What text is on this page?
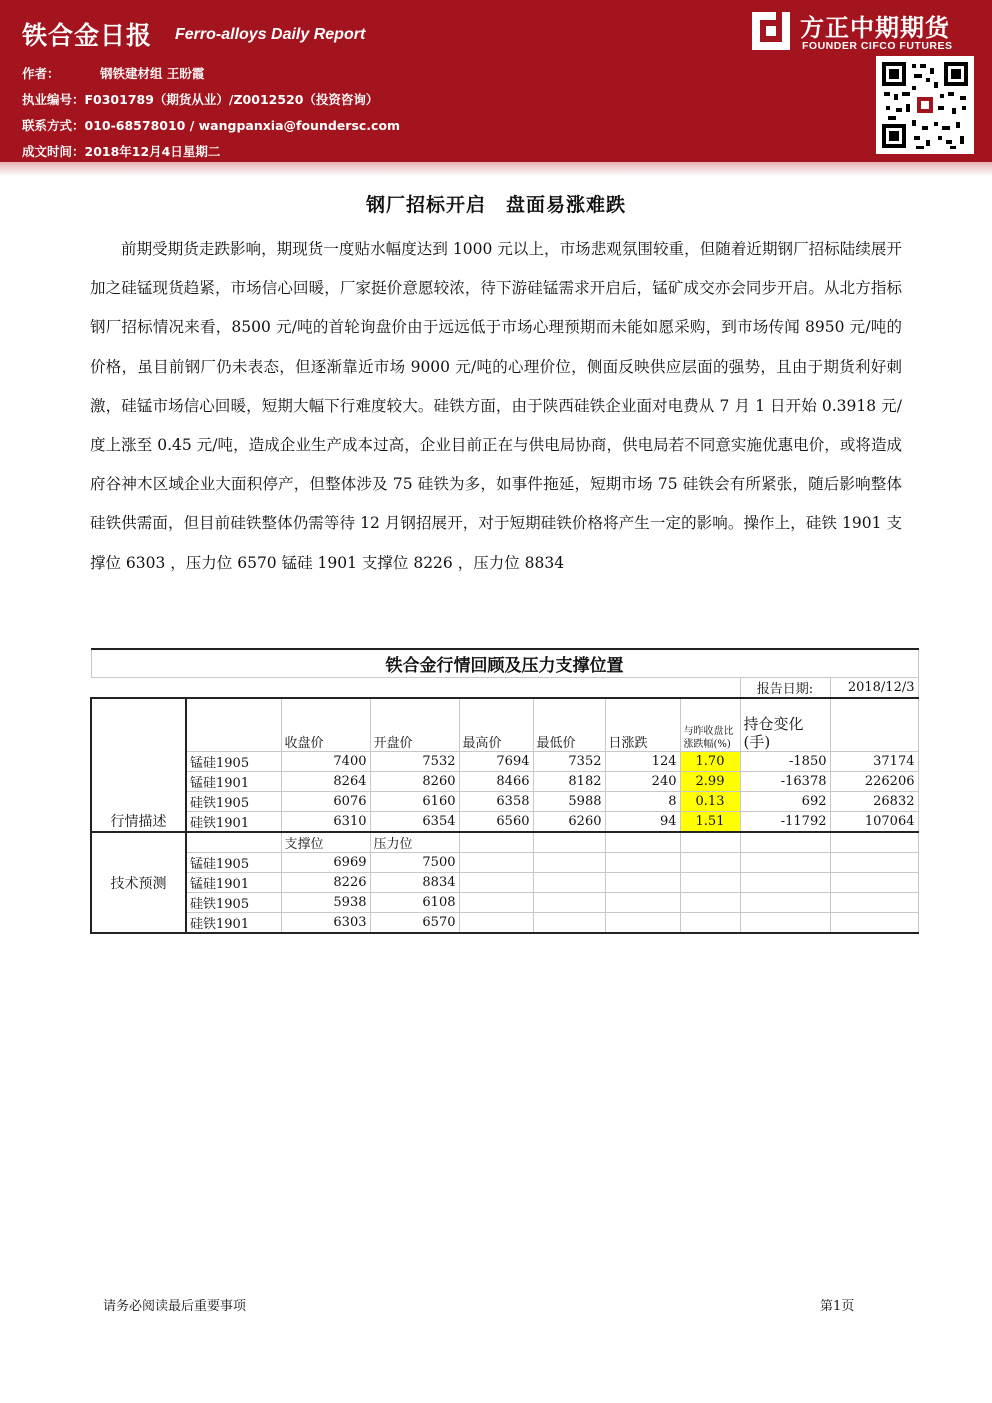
铁合金日报 Ferro-alloys Daily Report
作者：	钢铁建材组 王盼霞
执业编号：F0301789（期货从业）/Z0012520（投资咨询）
联系方式：010-68578010 / wangpanxia@foundersc.com
成文时间：2018年12月4日星期二
方正中期期货
FOUNDER CIFCO FUTURES
钢厂招标开启　盘面易涨难跌
前期受期货走跌影响，期现货一度贴水幅度达到 1000 元以上，市场悲观氛围较重，但随着近期钢厂招标陆续展开加之硅锰现货趋紧，市场信心回暖，厂家挺价意愿较浓，待下游硅锰需求开启后，锰矿成交亦会同步开启。从北方指标钢厂招标情况来看，8500 元/吨的首轮询盘价由于远远低于市场心理预期而未能如愿采购，到市场传闻 8950 元/吨的价格，虽目前钢厂仍未表态，但逐渐靠近市场 9000 元/吨的心理价位，侧面反映供应层面的强势，且由于期货利好刺激，硅锰市场信心回暖，短期大幅下行难度较大。硅铁方面，由于陕西硅铁企业面对电费从 7 月 1 日开始 0.3918 元/度上涨至 0.45 元/吨，造成企业生产成本过高，企业目前正在与供电局协商，供电局若不同意实施优惠电价，或将造成府谷神木区域企业大面积停产，但整体涉及 75 硅铁为多，如事件拖延，短期市场 75 硅铁会有所紧张，随后影响整体硅铁供需面，但目前硅铁整体仍需等待 12 月钢招展开，对于短期硅铁价格将产生一定的影响。操作上，硅铁 1901 支撑位 6303 ，压力位 6570 锰硅 1901 支撑位 8226 ，压力位 8834
铁合金行情回顾及压力支撑位置									
								报告日期:	2018/12/3
行情描述		收盘价	开盘价	最高价	最低价	日涨跌	与昨收盘比涨跌幅(%)	持仓变化(手)	
	锰硅1905	7400	7532	7694	7352	124	1.70	-1850	37174
	锰硅1901	8264	8260	8466	8182	240	2.99	-16378	226206
	硅铁1905	6076	6160	6358	5988	8	0.13	692	26832
	硅铁1901	6310	6354	6560	6260	94	1.51	-11792	107064
技术预测		支撑位	压力位						
	锰硅1905	6969	7500						
	锰硅1901	8226	8834						
	硅铁1905	5938	6108						
	硅铁1901	6303	6570						
请务必阅读最后重要事项	第1页
